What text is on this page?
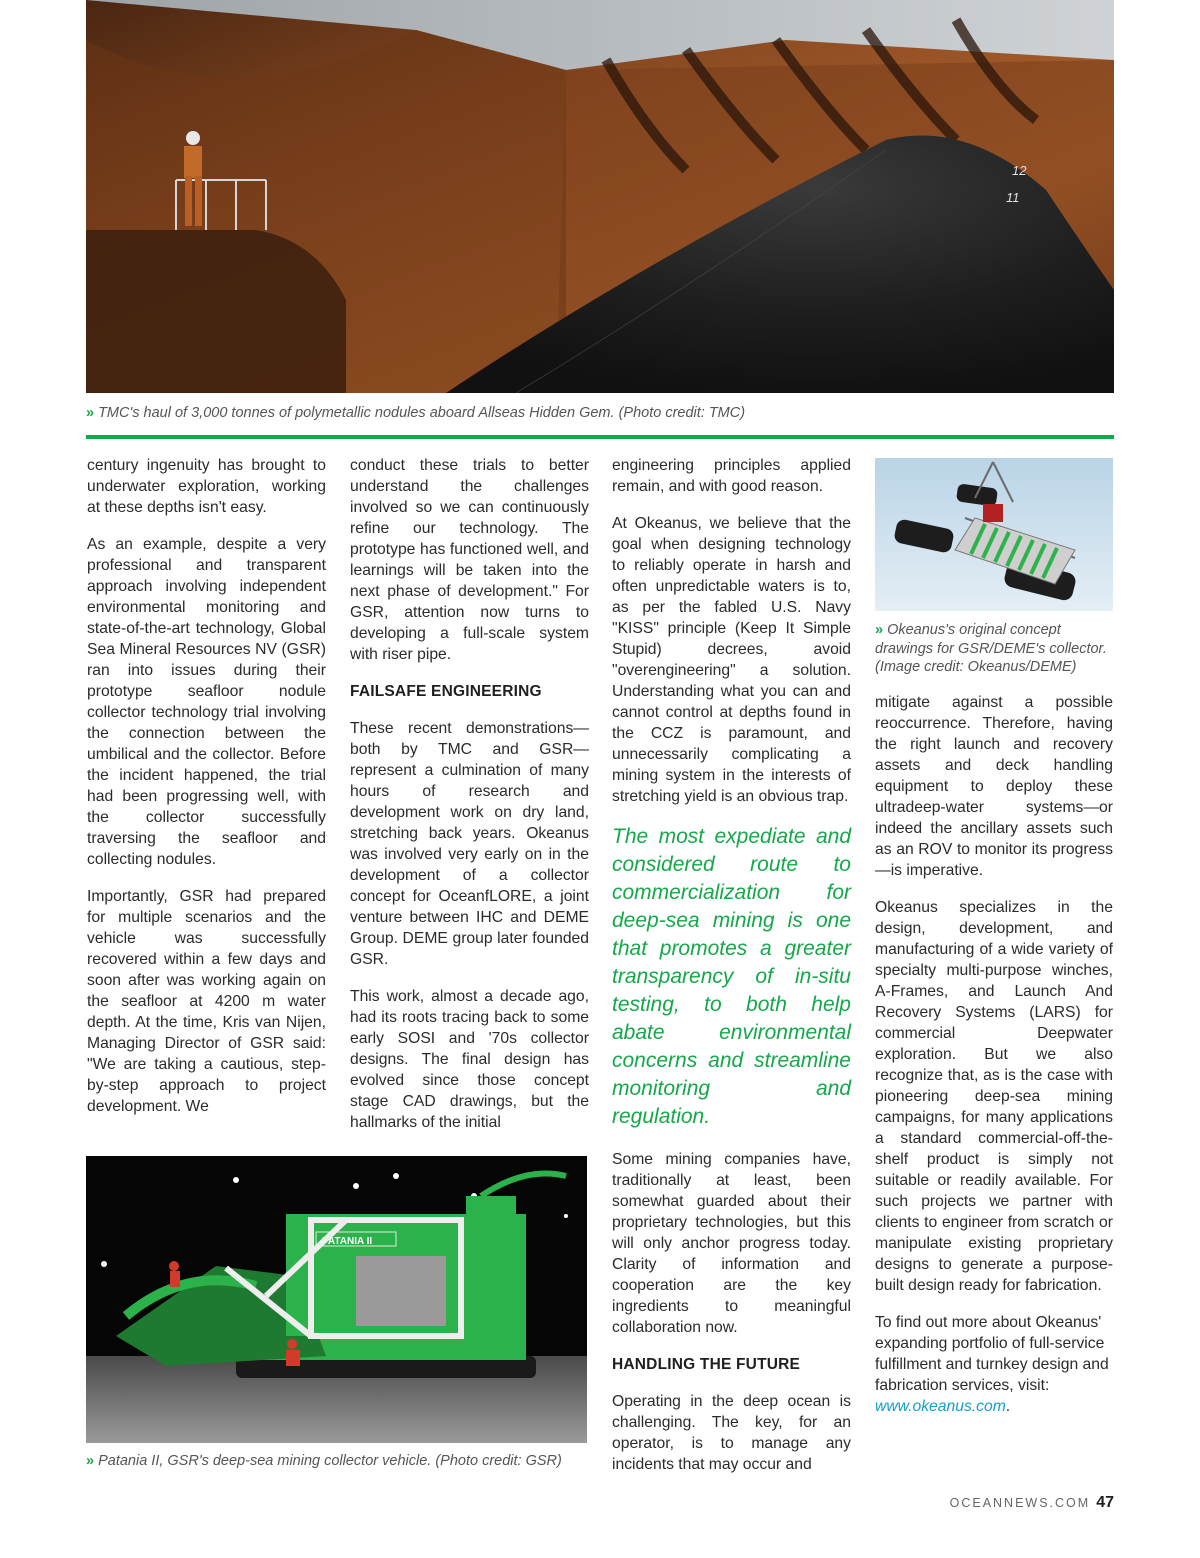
12
11
» TMC's haul of 3,000 tonnes of polymetallic nodules aboard Allseas Hidden Gem. (Photo credit: TMC)

century ingenuity has brought to underwater exploration, working at these depths isn't easy.

As an example, despite a very professional and transparent approach involving independent environmental monitoring and state-of-the-art technology, Global Sea Mineral Resources NV (GSR) ran into issues during their prototype seafloor nodule collector technology trial involving the connection between the umbilical and the collector. Before the incident happened, the trial had been progressing well, with the collector successfully traversing the seafloor and collecting nodules.

Importantly, GSR had prepared for multiple scenarios and the vehicle was successfully recovered within a few days and soon after was working again on the seafloor at 4200 m water depth. At the time, Kris van Nijen, Managing Director of GSR said: "We are taking a cautious, step-by-step approach to project development. We

conduct these trials to better understand the challenges involved so we can continuously refine our technology. The prototype has functioned well, and learnings will be taken into the next phase of development." For GSR, attention now turns to developing a full-scale system with riser pipe.

FAILSAFE ENGINEERING

These recent demonstrations—both by TMC and GSR—represent a culmination of many hours of research and development work on dry land, stretching back years. Okeanus was involved very early on in the development of a collector concept for OceanfLORE, a joint venture between IHC and DEME Group. DEME group later founded GSR.

This work, almost a decade ago, had its roots tracing back to some early SOSI and '70s collector designs. The final design has evolved since those concept stage CAD drawings, but the hallmarks of the initial

engineering principles applied remain, and with good reason.

At Okeanus, we believe that the goal when designing technology to reliably operate in harsh and often unpredictable waters is to, as per the fabled U.S. Navy "KISS" principle (Keep It Simple Stupid) decrees, avoid "overengineering" a solution. Understanding what you can and cannot control at depths found in the CCZ is paramount, and unnecessarily complicating a mining system in the interests of stretching yield is an obvious trap.

The most expediate and considered route to commercialization for deep-sea mining is one that promotes a greater transparency of in-situ testing, to both help abate environmental concerns and streamline monitoring and regulation.

Some mining companies have, traditionally at least, been somewhat guarded about their proprietary technologies, but this will only anchor progress today. Clarity of information and cooperation are the key ingredients to meaningful collaboration now.

HANDLING THE FUTURE

Operating in the deep ocean is challenging. The key, for an operator, is to manage any incidents that may occur and

» Okeanus's original concept drawings for GSR/DEME's collector. (Image credit: Okeanus/DEME)

mitigate against a possible reoccurrence. Therefore, having the right launch and recovery assets and deck handling equipment to deploy these ultradeep-water systems—or indeed the ancillary assets such as an ROV to monitor its progress—is imperative.

Okeanus specializes in the design, development, and manufacturing of a wide variety of specialty multi-purpose winches, A-Frames, and Launch And Recovery Systems (LARS) for commercial Deepwater exploration. But we also recognize that, as is the case with pioneering deep-sea mining campaigns, for many applications a standard commercial-off-the-shelf product is simply not suitable or readily available. For such projects we partner with clients to engineer from scratch or manipulate existing proprietary designs to generate a purpose-built design ready for fabrication.

To find out more about Okeanus' expanding portfolio of full-service fulfillment and turnkey design and fabrication services, visit: www.okeanus.com.

PATANIA II
» Patania II, GSR's deep-sea mining collector vehicle. (Photo credit: GSR)
OCEANNEWS.COM 47
